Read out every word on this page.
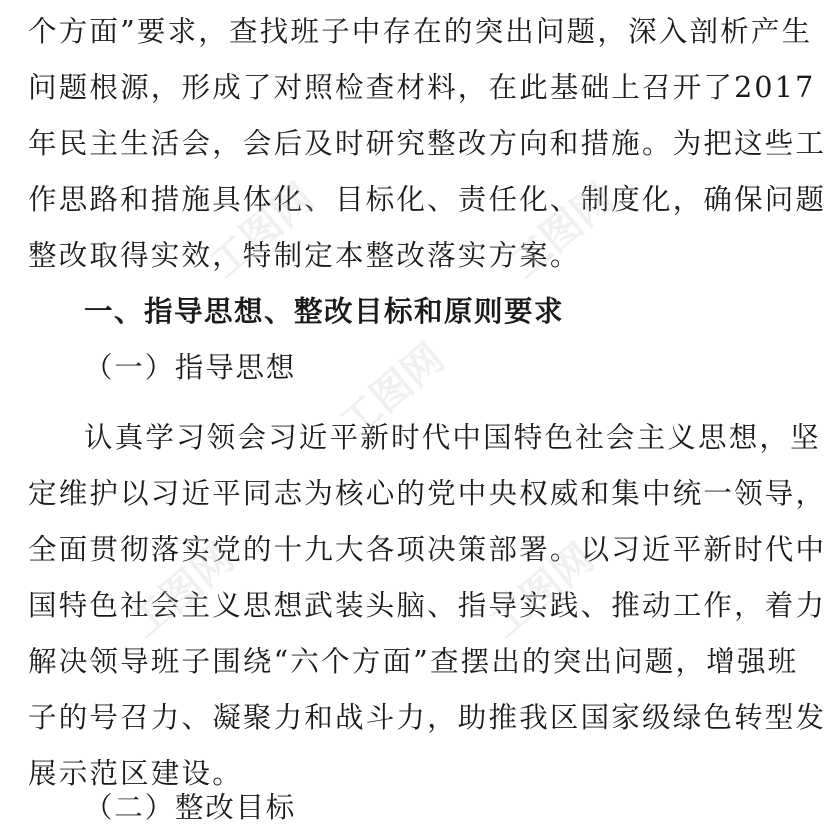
个方面”要求，查找班子中存在的突出问题，深入剖析产生
问题根源，形成了对照检查材料，在此基础上召开了2017
年民主生活会，会后及时研究整改方向和措施。为把这些工
作思路和措施具体化、目标化、责任化、制度化，确保问题
整改取得实效，特制定本整改落实方案。
一、指导思想、整改目标和原则要求
（一）指导思想
认真学习领会习近平新时代中国特色社会主义思想，坚
定维护以习近平同志为核心的党中央权威和集中统一领导，
全面贯彻落实党的十九大各项决策部署。以习近平新时代中
国特色社会主义思想武装头脑、指导实践、推动工作，着力
解决领导班子围绕“六个方面”查摆出的突出问题，增强班
子的号召力、凝聚力和战斗力，助推我区国家级绿色转型发
展示范区建设。
（二）整改目标
工图网	工图网
工图网	工图网
工图网
